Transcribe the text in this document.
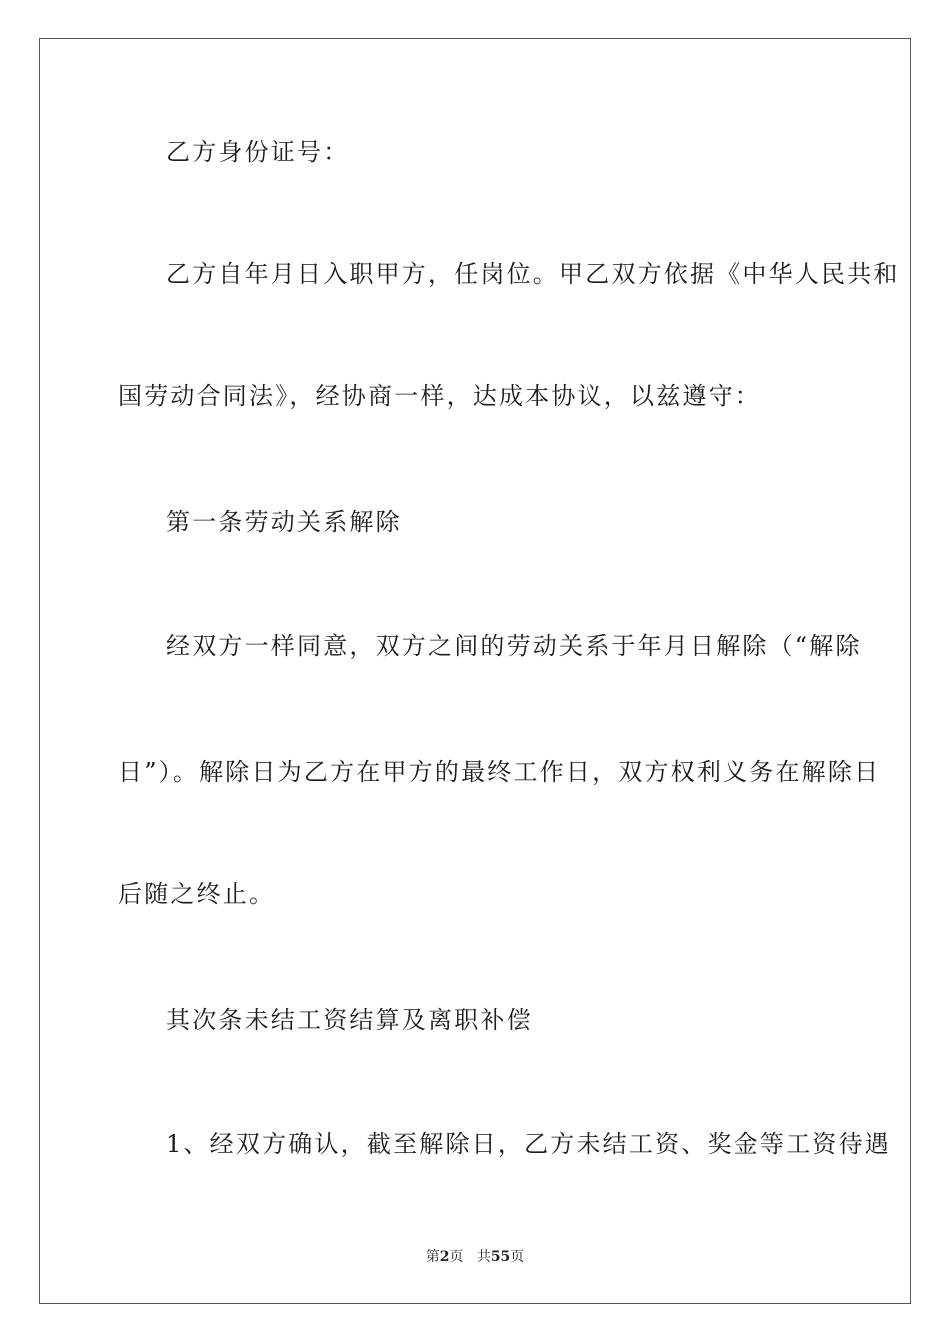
乙方身份证号：
乙方自年月日入职甲方，任岗位。甲乙双方依据《中华人民共和
国劳动合同法》，经协商一样，达成本协议，以兹遵守：
第一条劳动关系解除
经双方一样同意，双方之间的劳动关系于年月日解除（“解除
日”）。解除日为乙方在甲方的最终工作日，双方权利义务在解除日
后随之终止。
其次条未结工资结算及离职补偿
1、经双方确认，截至解除日，乙方未结工资、奖金等工资待遇
第2页 共55页
